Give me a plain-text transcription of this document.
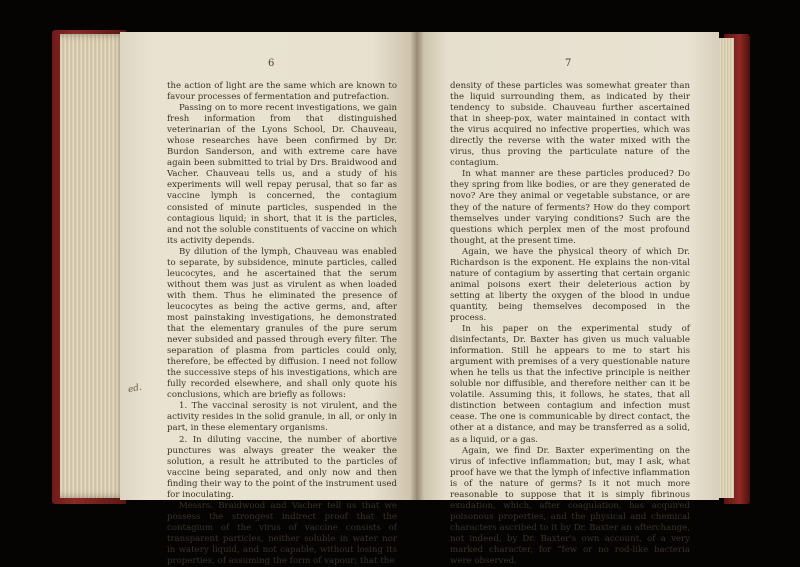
6

the action of light are the same which are known to favour processes of fermentation and putrefaction.

Passing on to more recent investigations, we gain fresh information from that distinguished veterinarian of the Lyons School, Dr. Chauveau, whose researches have been confirmed by Dr. Burdon Sanderson, and with extreme care have again been submitted to trial by Drs. Braidwood and Vacher. Chauveau tells us, and a study of his experiments will well repay perusal, that so far as vaccine lymph is concerned, the contagium consisted of minute particles, suspended in the contagious liquid; in short, that it is the particles, and not the soluble constituents of vaccine on which its activity depends.

By dilution of the lymph, Chauveau was enabled to separate, by subsidence, minute particles, called leucocytes, and he ascertained that the serum without them was just as virulent as when loaded with them. Thus he eliminated the presence of leucocytes as being the active germs, and, after most painstaking investigations, he demonstrated that the elementary granules of the pure serum never subsided and passed through every filter. The separation of plasma from particles could only, therefore, be effected by diffusion. I need not follow the successive steps of his investigations, which are fully recorded elsewhere, and shall only quote his conclusions, which are briefly as follows:

1. The vaccinal serosity is not virulent, and the activity resides in the solid granule, in all, or only in part, in these elementary organisms.

2. In diluting vaccine, the number of abortive punctures was always greater the weaker the solution, a result he attributed to the particles of vaccine being separated, and only now and then finding their way to the point of the instrument used for inoculating.

Messrs. Braidwood and Vacher tell us that we possess the strongest indirect proof that the contagium of the virus of vaccine consists of transparent particles, neither soluble in water nor in watery liquid, and not capable, without losing its properties, of assuming the form of vapour; that the

ed.
7

density of these particles was somewhat greater than the liquid surrounding them, as indicated by their tendency to subside. Chauveau further ascertained that in sheep-pox, water maintained in contact with the virus acquired no infective properties, which was directly the reverse with the water mixed with the virus, thus proving the particulate nature of the contagium.

In what manner are these particles produced? Do they spring from like bodies, or are they generated de novo? Are they animal or vegetable substance, or are they of the nature of ferments? How do they comport themselves under varying conditions? Such are the questions which perplex men of the most profound thought, at the present time.

Again, we have the physical theory of which Dr. Richardson is the exponent. He explains the non-vital nature of contagium by asserting that certain organic animal poisons exert their deleterious action by setting at liberty the oxygen of the blood in undue quantity, being themselves decomposed in the process.

In his paper on the experimental study of disinfectants, Dr. Baxter has given us much valuable information. Still he appears to me to start his argument with premises of a very questionable nature when he tells us that the infective principle is neither soluble nor diffusible, and therefore neither can it be volatile. Assuming this, it follows, he states, that all distinction between contagium and infection must cease. The one is communicable by direct contact, the other at a distance, and may be transferred as a solid, as a liquid, or a gas.

Again, we find Dr. Baxter experimenting on the virus of infective inflammation; but, may I ask, what proof have we that the lymph of infective inflammation is of the nature of germs? Is it not much more reasonable to suppose that it is simply fibrinous exudation, which, after coagulation, has acquired poisonous properties, and the physical and chemical characters ascribed to it by Dr. Baxter an afterchange, not indeed, by Dr. Baxter's own account, of a very marked character, for “few or no rod-like bacteria were observed.
